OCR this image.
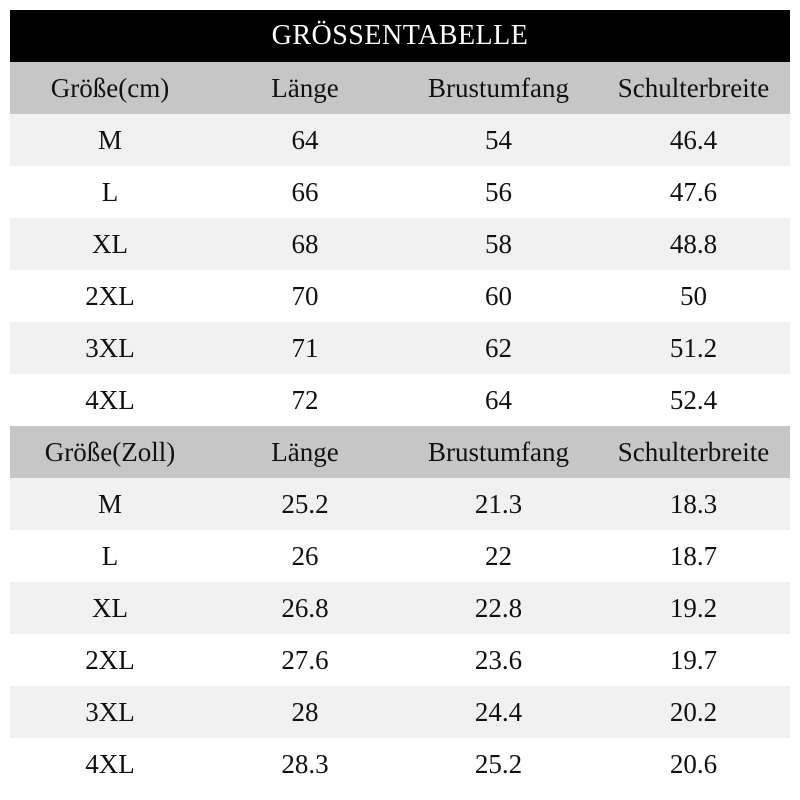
GRÖSSENTABELLE
Größe(cm)	Länge	Brustumfang	Schulterbreite
M	64	54	46.4
L	66	56	47.6
XL	68	58	48.8
2XL	70	60	50
3XL	71	62	51.2
4XL	72	64	52.4
Größe(Zoll)	Länge	Brustumfang	Schulterbreite
M	25.2	21.3	18.3
L	26	22	18.7
XL	26.8	22.8	19.2
2XL	27.6	23.6	19.7
3XL	28	24.4	20.2
4XL	28.3	25.2	20.6
